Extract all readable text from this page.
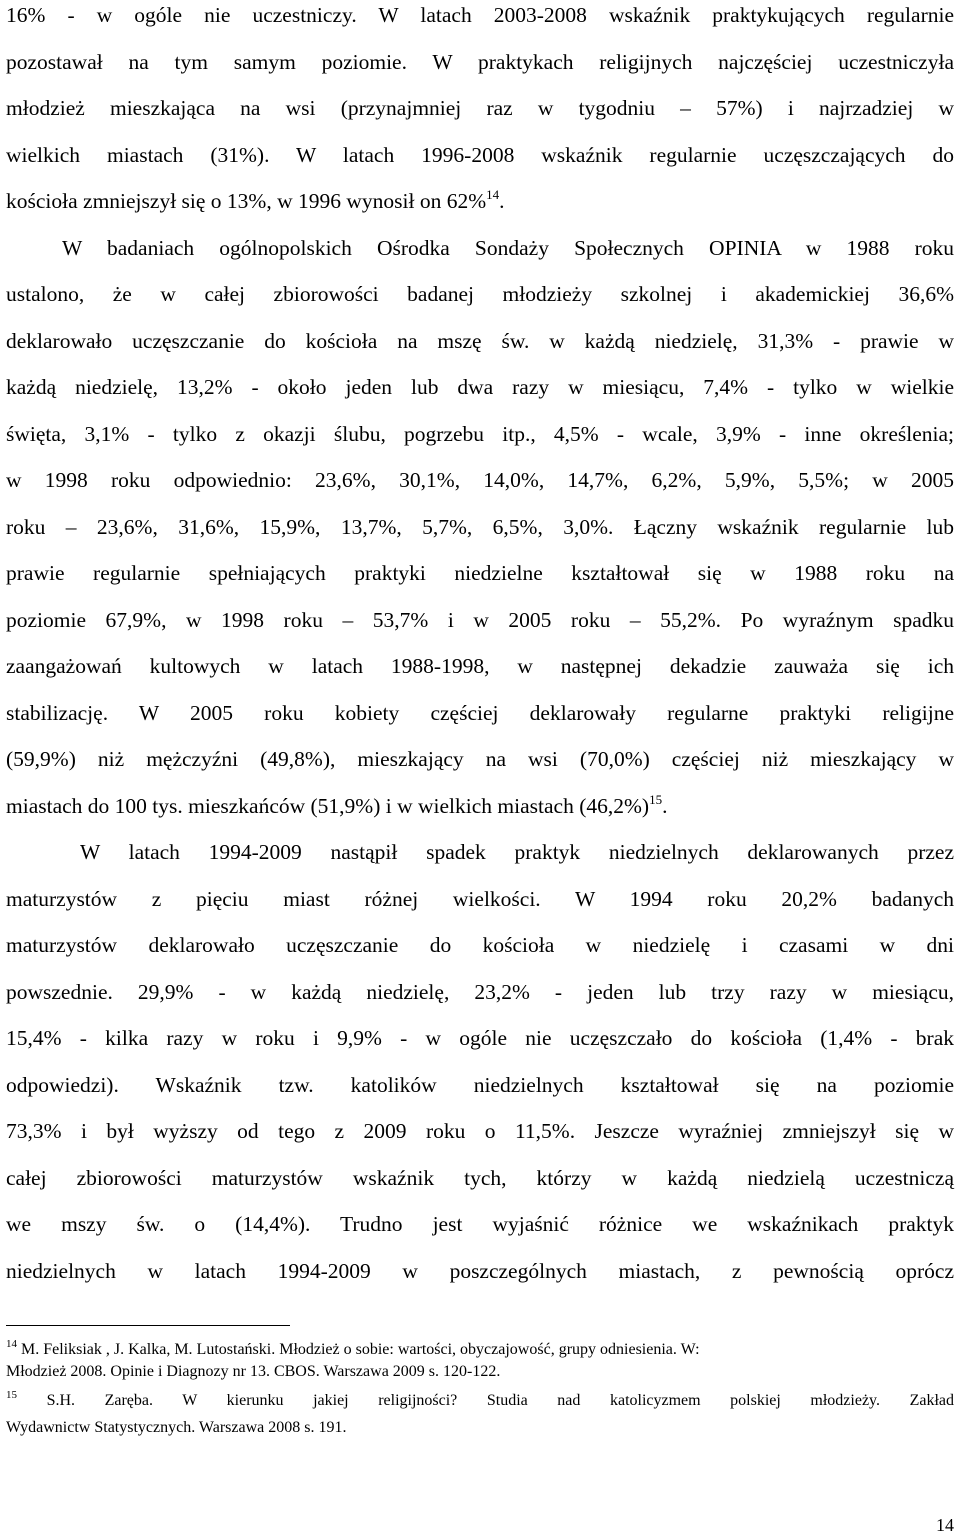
16% - w ogóle nie uczestniczy. W latach 2003-2008 wskaźnik praktykujących regularnie
pozostawał na tym samym poziomie. W praktykach religijnych najczęściej uczestniczyła
młodzież mieszkająca na wsi (przynajmniej raz w tygodniu – 57%) i najrzadziej w
wielkich miastach (31%). W latach 1996-2008 wskaźnik regularnie uczęszczających do
kościoła zmniejszył się o 13%, w 1996 wynosił on 62%$^{14}$.
W badaniach ogólnopolskich Ośrodka Sondaży Społecznych OPINIA w 1988 roku
ustalono, że w całej zbiorowości badanej młodzieży szkolnej i akademickiej 36,6%
deklarowało uczęszczanie do kościoła na mszę św. w każdą niedzielę, 31,3% - prawie w
każdą niedzielę, 13,2% - około jeden lub dwa razy w miesiącu, 7,4% - tylko w wielkie
święta, 3,1% - tylko z okazji ślubu, pogrzebu itp., 4,5% - wcale, 3,9% - inne określenia;
w 1998 roku odpowiednio: 23,6%, 30,1%, 14,0%, 14,7%, 6,2%, 5,9%, 5,5%; w 2005
roku – 23,6%, 31,6%, 15,9%, 13,7%, 5,7%, 6,5%, 3,0%. Łączny wskaźnik regularnie lub
prawie regularnie spełniających praktyki niedzielne kształtował się w 1988 roku na
poziomie 67,9%, w 1998 roku – 53,7% i w 2005 roku – 55,2%. Po wyraźnym spadku
zaangażowań kultowych w latach 1988-1998, w następnej dekadzie zauważa się ich
stabilizację. W 2005 roku kobiety częściej deklarowały regularne praktyki religijne
(59,9%) niż mężczyźni (49,8%), mieszkający na wsi (70,0%) częściej niż mieszkający w
miastach do 100 tys. mieszkańców (51,9%) i w wielkich miastach $(46,2\%)^{15}$.
W latach 1994-2009 nastąpił spadek praktyk niedzielnych deklarowanych przez
maturzystów z pięciu miast różnej wielkości. W 1994 roku 20,2% badanych
maturzystów deklarowało uczęszczanie do kościoła w niedzielę i czasami w dni
powszednie. 29,9% - w każdą niedzielę, 23,2% - jeden lub trzy razy w miesiącu,
15,4% - kilka razy w roku i 9,9% - w ogóle nie uczęszczało do kościoła (1,4% - brak
odpowiedzi). Wskaźnik tzw. katolików niedzielnych kształtował się na poziomie
73,3% i był wyższy od tego z 2009 roku o 11,5%. Jeszcze wyraźniej zmniejszył się w
całej zbiorowości maturzystów wskaźnik tych, którzy w każdą niedzielą uczestniczą
we mszy św. o (14,4%). Trudno jest wyjaśnić różnice we wskaźnikach praktyk
niedzielnych w latach 1994-2009 w poszczególnych miastach, z pewnością oprócz
$^{14}$ M. Feliksiak , J. Kalka, M. Lutostański. Młodzież o sobie: wartości, obyczajowość, grupy odniesienia. W:
Młodzież 2008. Opinie i Diagnozy nr 13. CBOS. Warszawa 2009 s. 120-122.
$^{15}$ S.H. Zaręba. W kierunku jakiej religijności? Studia nad katolicyzmem polskiej młodzieży. Zakład
Wydawnictw Statystycznych. Warszawa 2008 s. 191.
14
